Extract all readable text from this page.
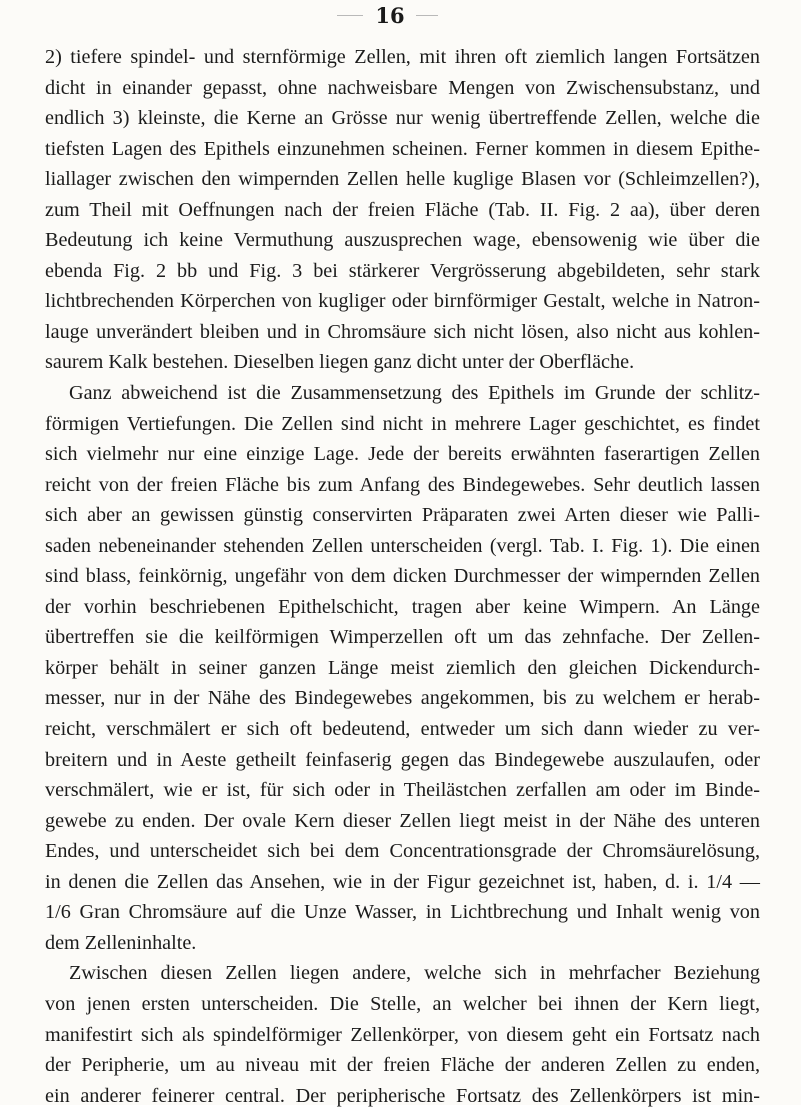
16
2) tiefere spindel- und sternförmige Zellen, mit ihren oft ziemlich langen Fortsätzen
dicht in einander gepasst, ohne nachweisbare Mengen von Zwischensubstanz, und
endlich 3) kleinste, die Kerne an Grösse nur wenig übertreffende Zellen, welche die
tiefsten Lagen des Epithels einzunehmen scheinen. Ferner kommen in diesem Epithe-
liallager zwischen den wimpernden Zellen helle kuglige Blasen vor (Schleimzellen?),
zum Theil mit Oeffnungen nach der freien Fläche (Tab. II. Fig. 2 aa), über deren
Bedeutung ich keine Vermuthung auszusprechen wage, ebensowenig wie über die
ebenda Fig. 2 bb und Fig. 3 bei stärkerer Vergrösserung abgebildeten, sehr stark
lichtbrechenden Körperchen von kugliger oder birnförmiger Gestalt, welche in Natron-
lauge unverändert bleiben und in Chromsäure sich nicht lösen, also nicht aus kohlen-
saurem Kalk bestehen. Dieselben liegen ganz dicht unter der Oberfläche.
Ganz abweichend ist die Zusammensetzung des Epithels im Grunde der schlitz-
förmigen Vertiefungen. Die Zellen sind nicht in mehrere Lager geschichtet, es findet
sich vielmehr nur eine einzige Lage. Jede der bereits erwähnten faserartigen Zellen
reicht von der freien Fläche bis zum Anfang des Bindegewebes. Sehr deutlich lassen
sich aber an gewissen günstig conservirten Präparaten zwei Arten dieser wie Palli-
saden nebeneinander stehenden Zellen unterscheiden (vergl. Tab. I. Fig. 1). Die einen
sind blass, feinkörnig, ungefähr von dem dicken Durchmesser der wimpernden Zellen
der vorhin beschriebenen Epithelschicht, tragen aber keine Wimpern. An Länge
übertreffen sie die keilförmigen Wimperzellen oft um das zehnfache. Der Zellen-
körper behält in seiner ganzen Länge meist ziemlich den gleichen Dickendurch-
messer, nur in der Nähe des Bindegewebes angekommen, bis zu welchem er herab-
reicht, verschmälert er sich oft bedeutend, entweder um sich dann wieder zu ver-
breitern und in Aeste getheilt feinfaserig gegen das Bindegewebe auszulaufen, oder
verschmälert, wie er ist, für sich oder in Theilästchen zerfallen am oder im Binde-
gewebe zu enden. Der ovale Kern dieser Zellen liegt meist in der Nähe des unteren
Endes, und unterscheidet sich bei dem Concentrationsgrade der Chromsäurelösung,
in denen die Zellen das Ansehen, wie in der Figur gezeichnet ist, haben, d. i. 1/4 —
1/6 Gran Chromsäure auf die Unze Wasser, in Lichtbrechung und Inhalt wenig von
dem Zelleninhalte.
Zwischen diesen Zellen liegen andere, welche sich in mehrfacher Beziehung
von jenen ersten unterscheiden. Die Stelle, an welcher bei ihnen der Kern liegt,
manifestirt sich als spindelförmiger Zellenkörper, von diesem geht ein Fortsatz nach
der Peripherie, um au niveau mit der freien Fläche der anderen Zellen zu enden,
ein anderer feinerer central. Der peripherische Fortsatz des Zellenkörpers ist min-
